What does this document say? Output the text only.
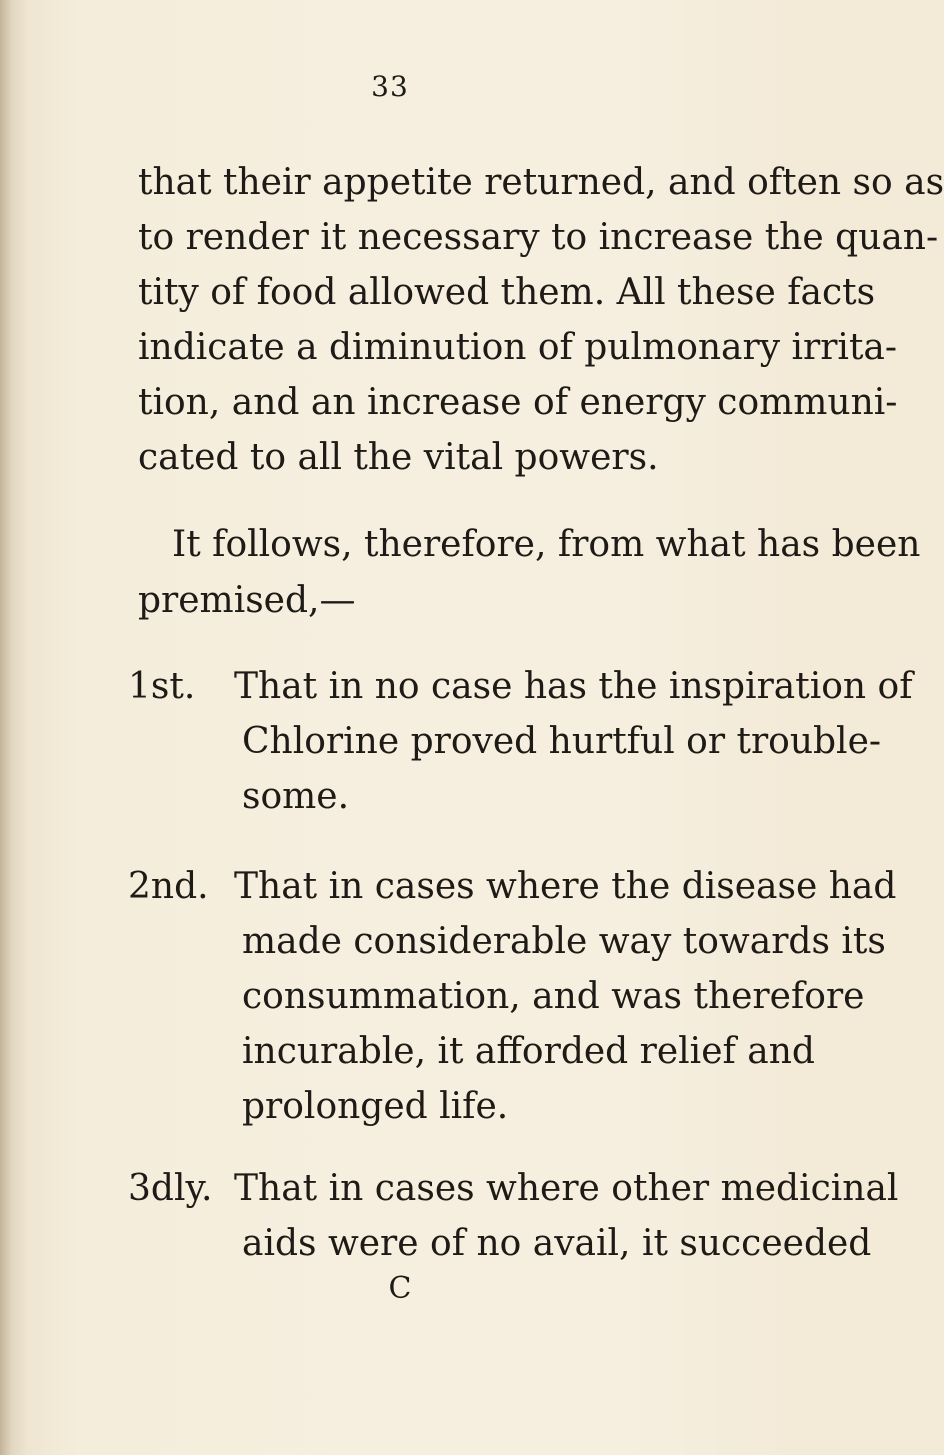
33
that their appetite returned, and often so as
to render it necessary to increase the quan-
tity of food allowed them. All these facts
indicate a diminution of pulmonary irrita-
tion, and an increase of energy communi-
cated to all the vital powers.
It follows, therefore, from what has been
premised,—
1st. That in no case has the inspiration of
Chlorine proved hurtful or trouble-
some.
2nd. That in cases where the disease had
made considerable way towards its
consummation, and was therefore
incurable, it afforded relief and
prolonged life.
3dly. That in cases where other medicinal
aids were of no avail, it succeeded
C
